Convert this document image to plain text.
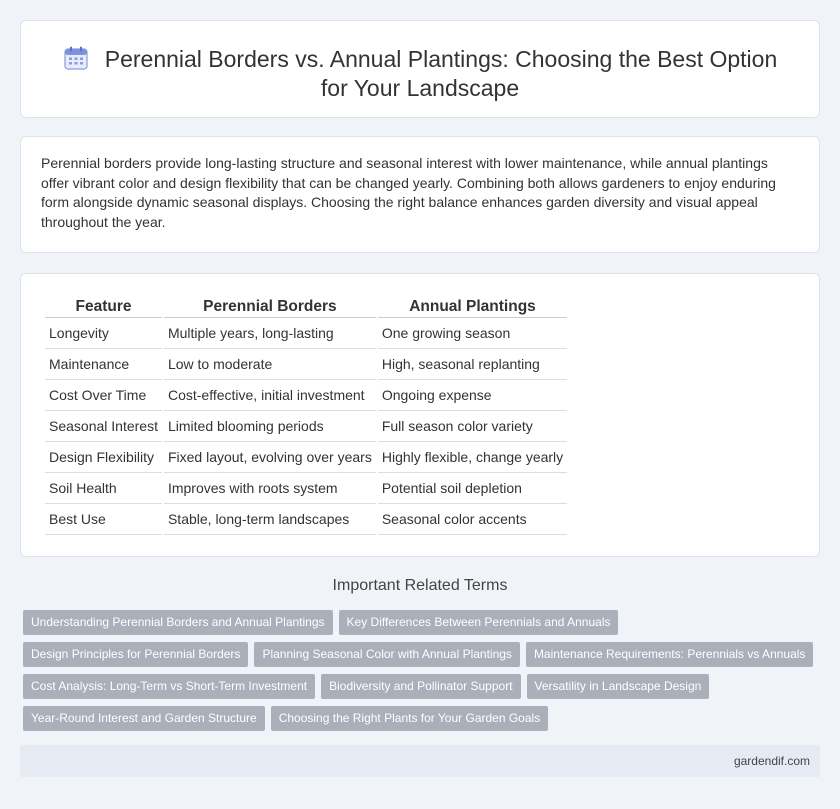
Perennial Borders vs. Annual Plantings: Choosing the Best Option for Your Landscape

Perennial borders provide long-lasting structure and seasonal interest with lower maintenance, while annual plantings offer vibrant color and design flexibility that can be changed yearly. Combining both allows gardeners to enjoy enduring form alongside dynamic seasonal displays. Choosing the right balance enhances garden diversity and visual appeal throughout the year.

Feature	Perennial Borders	Annual Plantings
Longevity	Multiple years, long-lasting	One growing season
Maintenance	Low to moderate	High, seasonal replanting
Cost Over Time	Cost-effective, initial investment	Ongoing expense
Seasonal Interest	Limited blooming periods	Full season color variety
Design Flexibility	Fixed layout, evolving over years	Highly flexible, change yearly
Soil Health	Improves with roots system	Potential soil depletion
Best Use	Stable, long-term landscapes	Seasonal color accents
Important Related Terms
Understanding Perennial Borders and Annual Plantings Key Differences Between Perennials and Annuals
Design Principles for Perennial Borders Planning Seasonal Color with Annual Plantings Maintenance Requirements: Perennials vs Annuals
Cost Analysis: Long-Term vs Short-Term Investment Biodiversity and Pollinator Support Versatility in Landscape Design
Year-Round Interest and Garden Structure Choosing the Right Plants for Your Garden Goals
gardendif.com
